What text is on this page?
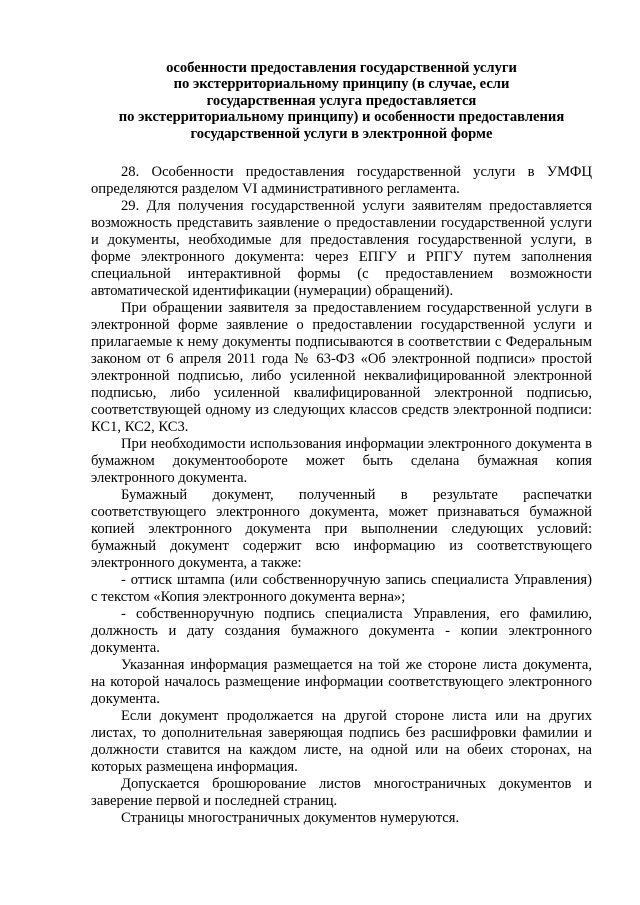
особенности предоставления государственной услуги
по экстерриториальному принципу (в случае, если
государственная услуга предоставляется
по экстерриториальному принципу) и особенности предоставления
государственной услуги в электронной форме

28. Особенности предоставления государственной услуги в УМФЦ определяются разделом VI административного регламента.

29. Для получения государственной услуги заявителям предоставляется возможность представить заявление о предоставлении государственной услуги и документы, необходимые для предоставления государственной услуги, в форме электронного документа: через ЕПГУ и РПГУ путем заполнения специальной интерактивной формы (с предоставлением возможности автоматической идентификации (нумерации) обращений).

При обращении заявителя за предоставлением государственной услуги в электронной форме заявление о предоставлении государственной услуги и прилагаемые к нему документы подписываются в соответствии с Федеральным законом от 6 апреля 2011 года № 63-ФЗ «Об электронной подписи» простой электронной подписью, либо усиленной неквалифицированной электронной подписью, либо усиленной квалифицированной электронной подписью, соответствующей одному из следующих классов средств электронной подписи: КС1, КС2, КС3.

При необходимости использования информации электронного документа в бумажном документообороте может быть сделана бумажная копия электронного документа.

Бумажный документ, полученный в результате распечатки соответствующего электронного документа, может признаваться бумажной копией электронного документа при выполнении следующих условий: бумажный документ содержит всю информацию из соответствующего электронного документа, а также:

- оттиск штампа (или собственноручную запись специалиста Управления) с текстом «Копия электронного документа верна»;

- собственноручную подпись специалиста Управления, его фамилию, должность и дату создания бумажного документа - копии электронного документа.

Указанная информация размещается на той же стороне листа документа, на которой началось размещение информации соответствующего электронного документа.

Если документ продолжается на другой стороне листа или на других листах, то дополнительная заверяющая подпись без расшифровки фамилии и должности ставится на каждом листе, на одной или на обеих сторонах, на которых размещена информация.

Допускается брошюрование листов многостраничных документов и заверение первой и последней страниц.

Страницы многостраничных документов нумеруются.
